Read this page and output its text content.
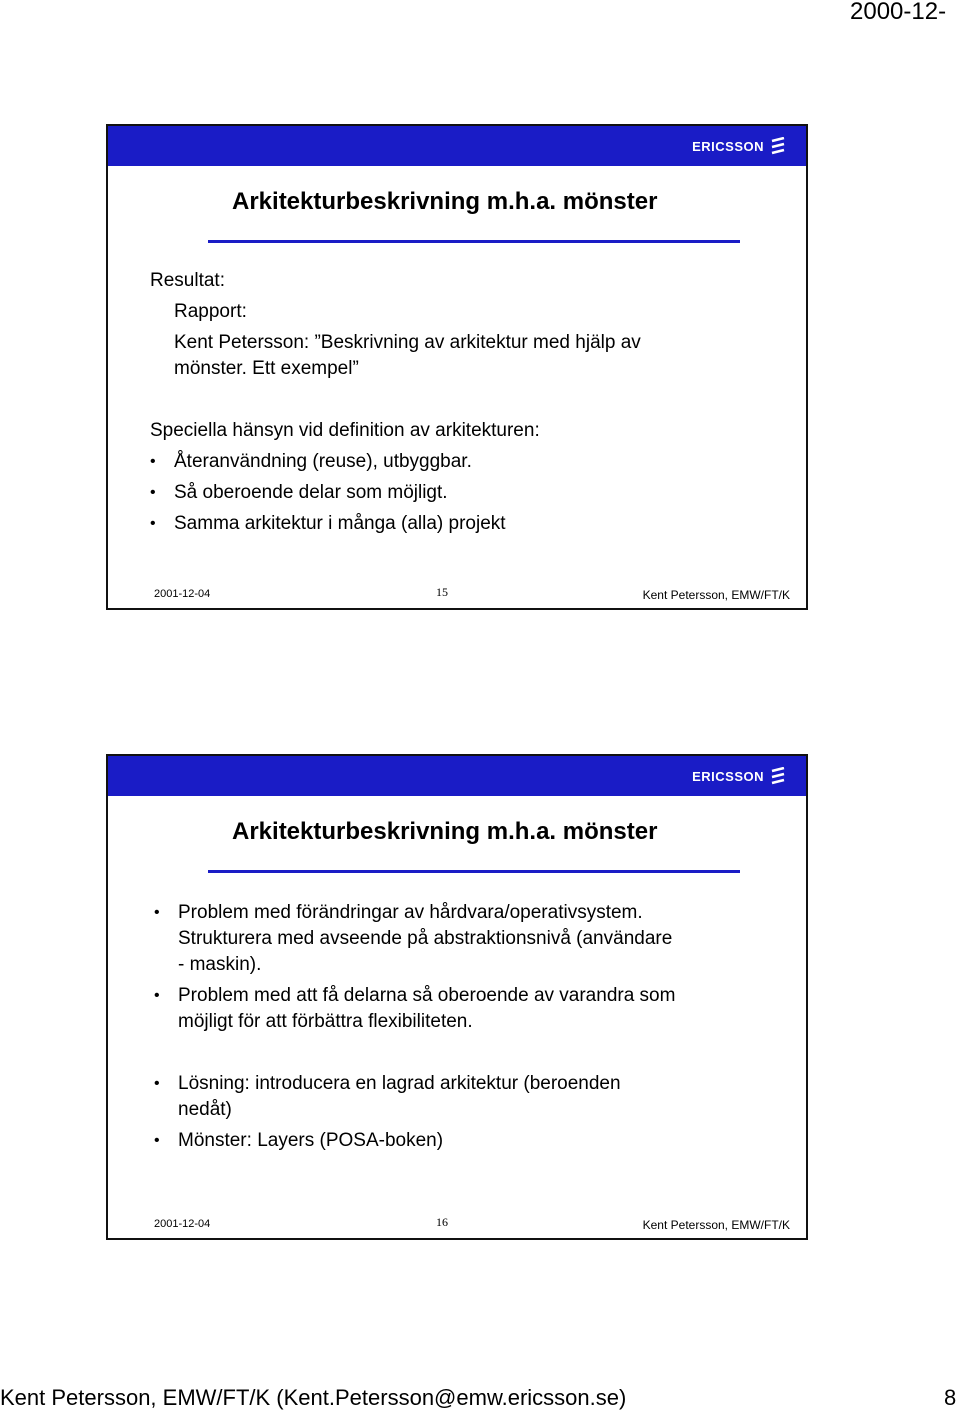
2000-12-
ERICSSON
Arkitekturbeskrivning m.h.a. mönster
Resultat:
Rapport:
Kent Petersson: ”Beskrivning av arkitektur med hjälp av
mönster. Ett exempel”
Speciella hänsyn vid definition av arkitekturen:
• Återanvändning (reuse), utbyggbar.
• Så oberoende delar som möjligt.
• Samma arkitektur i många (alla) projekt
2001-12-04	15	Kent Petersson, EMW/FT/K
ERICSSON
Arkitekturbeskrivning m.h.a. mönster
• Problem med förändringar av hårdvara/operativsystem.
Strukturera med avseende på abstraktionsnivå (användare
- maskin).
• Problem med att få delarna så oberoende av varandra som
möjligt för att förbättra flexibiliteten.
• Lösning: introducera en lagrad arkitektur (beroenden
nedåt)
• Mönster: Layers (POSA-boken)
2001-12-04	16	Kent Petersson, EMW/FT/K
Kent Petersson, EMW/FT/K (Kent.Petersson@emw.ericsson.se)	8
